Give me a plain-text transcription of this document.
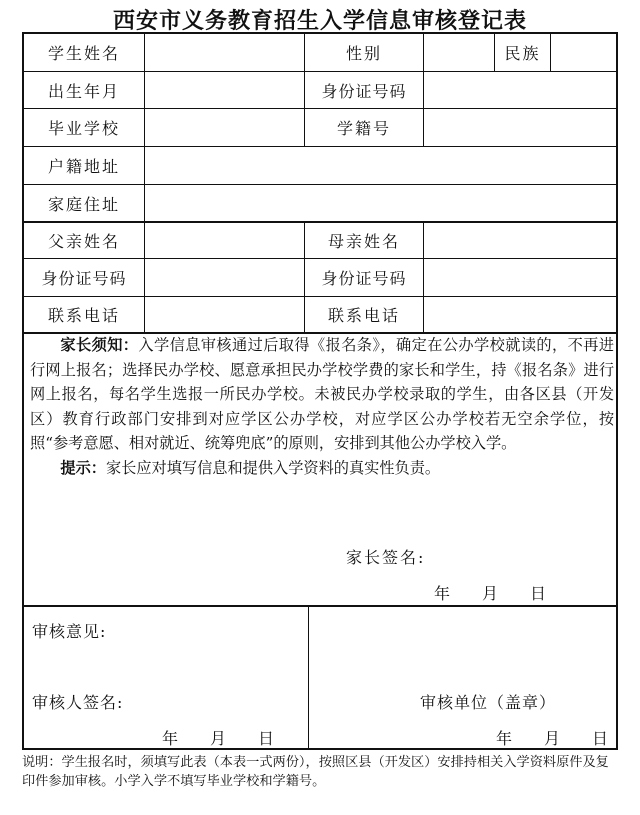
西安市义务教育招生入学信息审核登记表
学生姓名	性别	民族
出生年月	身份证号码
毕业学校	学籍号
户籍地址
家庭住址
父亲姓名	母亲姓名
身份证号码	身份证号码
联系电话	联系电话

家长须知：入学信息审核通过后取得《报名条》，确定在公办学校就读的，不再进行网上报名；选择民办学校、愿意承担民办学校学费的家长和学生，持《报名条》进行网上报名，每名学生选报一所民办学校。未被民办学校录取的学生，由各区县（开发区）教育行政部门安排到对应学区公办学校，对应学区公办学校若无空余学位，按照“参考意愿、相对就近、统筹兜底”的原则，安排到其他公办学校入学。

提示：家长应对填写信息和提供入学资料的真实性负责。

家长签名:
年 月 日
审核意见:
审核人签名:
年 月 日
审核单位（盖章）
年 月 日
说明：学生报名时，须填写此表（本表一式两份），按照区县（开发区）安排持相关入学资料原件及复印件参加审核。小学入学不填写毕业学校和学籍号。
